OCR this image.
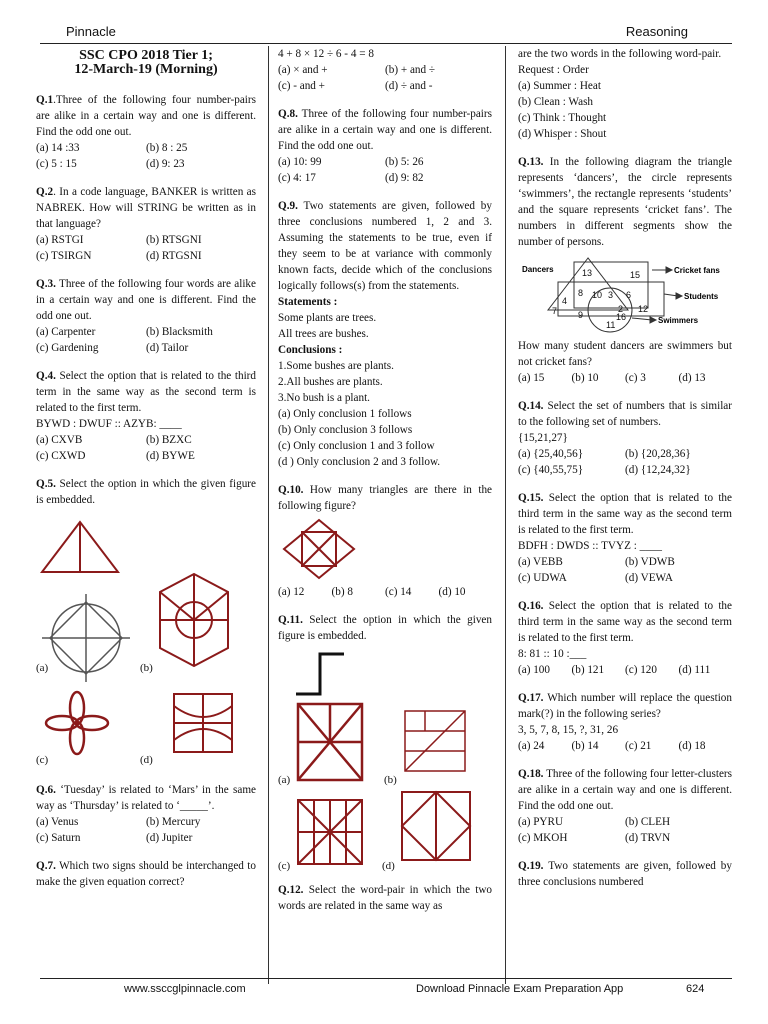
Pinnacle	Reasoning

SSC CPO 2018 Tier 1;

12-March-19 (Morning)

Q.1.Three of the following four number-pairs are alike in a certain way and one is different. Find the odd one out.

(a) 14 :33	(b) 8 : 25
(c) 5 : 15	(d) 9: 23

Q.2. In a code language, BANKER is written as NABREK. How will STRING be written as in that language?

(a) RSTGI	(b) RTSGNI
(c) TSIRGN	(d) RTGSNI

Q.3. Three of the following four words are alike in a certain way and one is different. Find the odd one out.

(a) Carpenter	(b) Blacksmith
(c) Gardening	(d) Tailor

Q.4. Select the option that is related to the third term in the same way as the second term is related to the first term.

BYWD : DWUF :: AZYB: ____

(a) CXVB	(b) BZXC
(c) CXWD	(d) BYWE

Q.5. Select the option in which the given figure is embedded.

(a)	(b)
(c)	(d)

Q.6. ‘Tuesday’ is related to ‘Mars’ in the same way as ‘Thursday’ is related to ‘_____’.

(a) Venus	(b) Mercury
(c) Saturn	(d) Jupiter

Q.7. Which two signs should be interchanged to make the given equation correct?

4 + 8 × 12 ÷ 6 - 4 = 8

(a) × and +	(b) + and ÷
(c) - and +	(d) ÷ and -

Q.8. Three of the following four number-pairs are alike in a certain way and one is different. Find the odd one out.

(a) 10: 99	(b) 5: 26
(c) 4: 17	(d) 9: 82

Q.9. Two statements are given, followed by three conclusions numbered 1, 2 and 3. Assuming the statements to be true, even if they seem to be at variance with commonly known facts, decide which of the conclusions logically follows(s) from the statements.

Statements :

Some plants are trees.

All trees are bushes.

Conclusions :

1.Some bushes are plants.

2.All bushes are plants.

3.No bush is a plant.

(a) Only conclusion 1 follows

(b) Only conclusion 3 follows

(c) Only conclusion 1 and 3 follow

(d ) Only conclusion 2 and 3 follow.

Q.10. How many triangles are there in the following figure?

(a) 12	(b) 8	(c) 14	(d) 10

Q.11. Select the option in which the given figure is embedded.

(a)	(b)
(c)	(d)

Q.12. Select the word-pair in which the two words are related in the same way as

are the two words in the following word-pair.

Request : Order

(a) Summer : Heat

(b) Clean : Wash

(c) Think : Thought

(d) Whisper : Shout

Q.13. In the following diagram the triangle represents ‘dancers’, the circle represents ‘swimmers’, the rectangle represents ‘students’ and the square represents ‘cricket fans’. The numbers in different segments show the number of persons.

Dancers	Cricket fans
Students
Swimmers
13	15
8 10 3 6
4
7 9	16
12
11
2

How many student dancers are swimmers but not cricket fans?

(a) 15	(b) 10	(c) 3	(d) 13

Q.14. Select the set of numbers that is similar to the following set of numbers.

{15,21,27}

(a) {25,40,56}	(b) {20,28,36}
(c) {40,55,75}	(d) {12,24,32}

Q.15. Select the option that is related to the third term in the same way as the second term is related to the first term.

BDFH : DWDS :: TVYZ : ____

(a) VEBB	(b) VDWB
(c) UDWA	(d) VEWA

Q.16. Select the option that is related to the third term in the same way as the second term is related to the first term.

8: 81 :: 10 :___

(a) 100	(b) 121	(c) 120	(d) 111

Q.17. Which number will replace the question mark(?) in the following series?

3, 5, 7, 8, 15, ?, 31, 26

(a) 24	(b) 14	(c) 21	(d) 18

Q.18. Three of the following four letter-clusters are alike in a certain way and one is different. Find the odd one out.

(a) PYRU	(b) CLEH
(c) MKOH	(d) TRVN

Q.19. Two statements are given, followed by three conclusions numbered

www.ssccglpinnacle.com	Download Pinnacle Exam Preparation App	624
